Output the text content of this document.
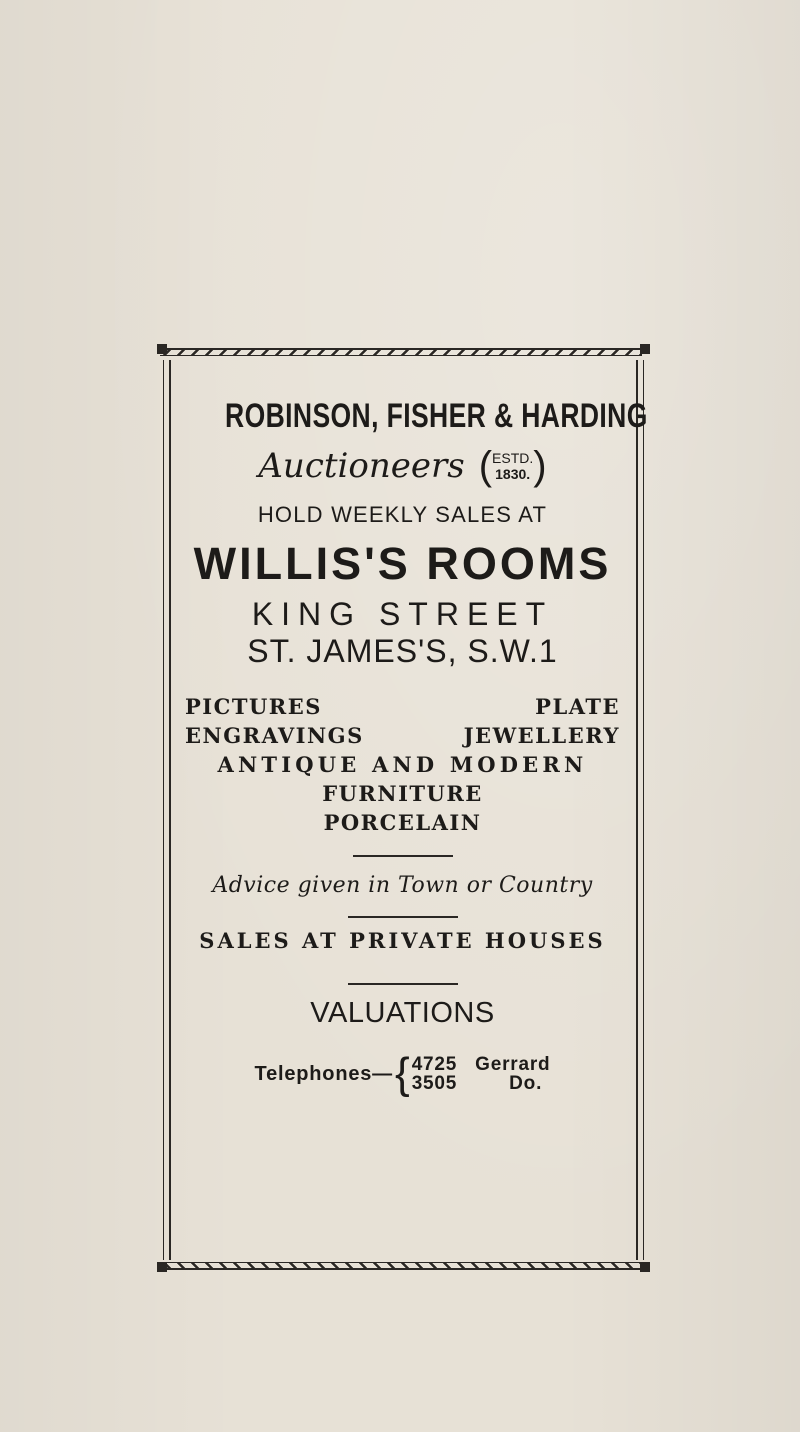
ROBINSON, FISHER & HARDING
Auctioneers ( ESTD.
1830. )
HOLD WEEKLY SALES AT
WILLIS'S ROOMS
KING STREET
ST. JAMES'S, S.W.1
PICTURES	PLATE
ENGRAVINGS	JEWELLERY
ANTIQUE AND MODERN
FURNITURE
PORCELAIN
Advice given in Town or Country
SALES AT PRIVATE HOUSES
VALUATIONS
Telephones— { 4725 Gerrard
3505	Do.
